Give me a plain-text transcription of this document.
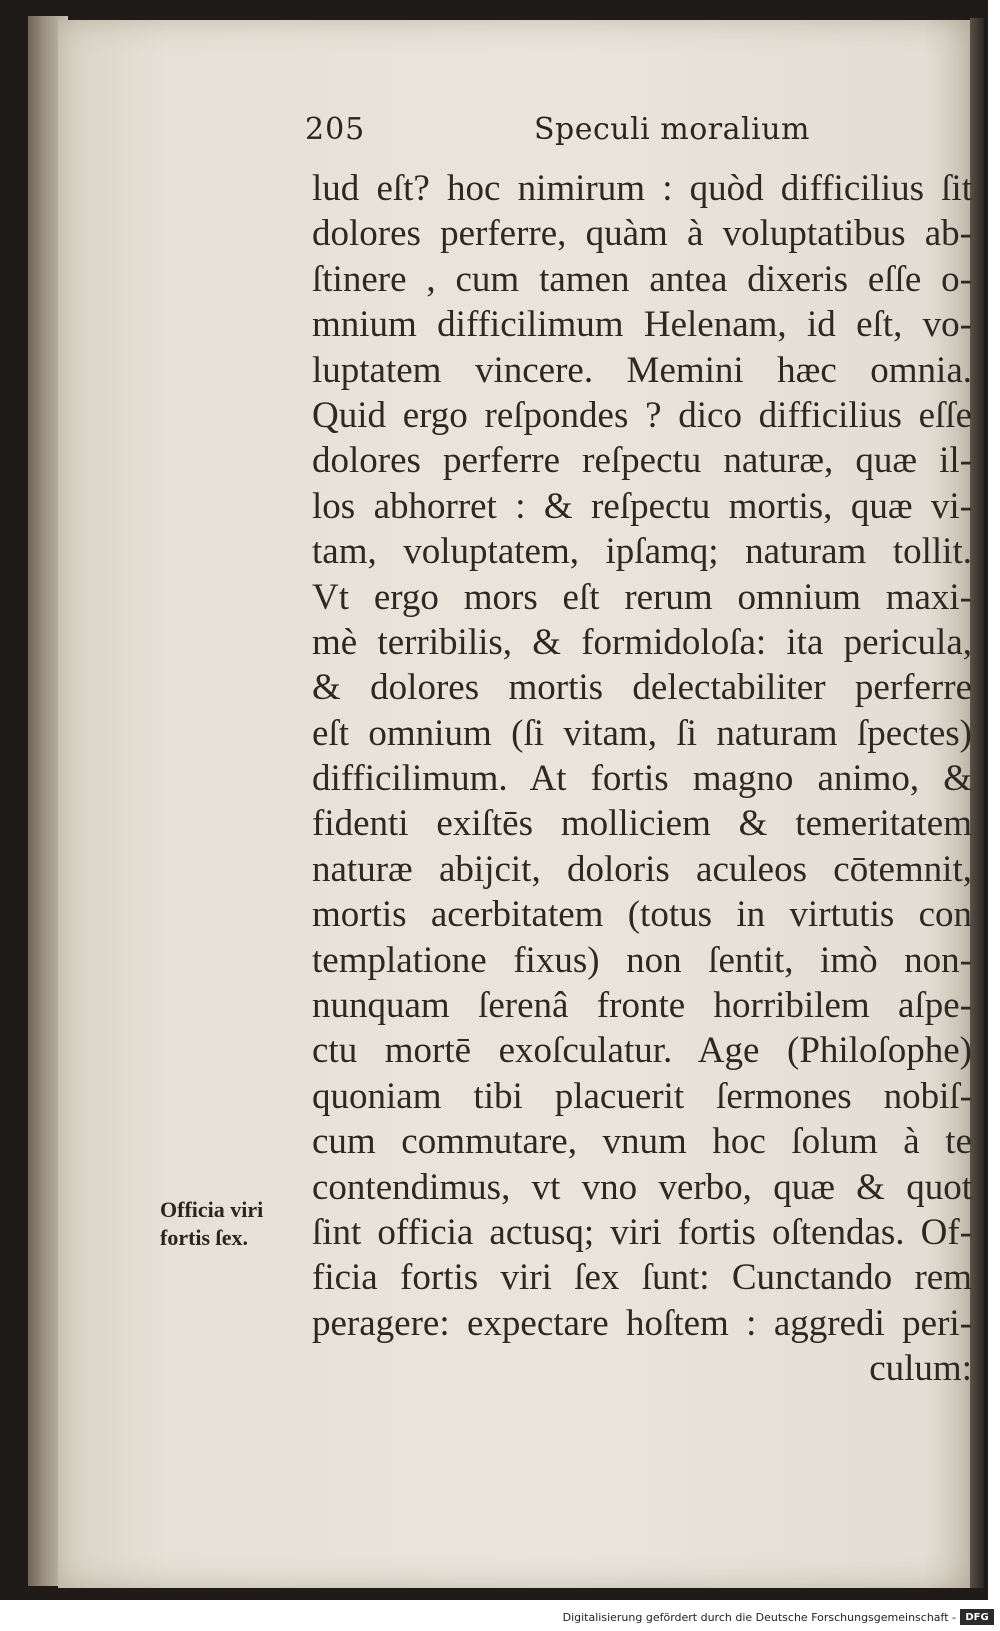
205	Speculi moralium
lud eſt? hoc nimirum : quòd difficilius ſit
dolores perferre, quàm à voluptatibus ab-
ſtinere , cum tamen antea dixeris eſſe o-
mnium difficilimum Helenam, id eſt, vo-
luptatem vincere. Memini hæc omnia.
Quid ergo reſpondes ? dico difficilius eſſe
dolores perferre reſpectu naturæ, quæ il-
los abhorret : & reſpectu mortis, quæ vi-
tam, voluptatem, ipſamq; naturam tollit.
Vt ergo mors eſt rerum omnium maxi-
mè terribilis, & formidoloſa: ita pericula,
& dolores mortis delectabiliter perferre
eſt omnium (ſi vitam, ſi naturam ſpectes)
difficilimum. At fortis magno animo, &
fidenti exiſtēs molliciem & temeritatem
naturæ abijcit, doloris aculeos cōtemnit,
mortis acerbitatem (totus in virtutis con
templatione fixus) non ſentit, imò non-
nunquam ſerenâ fronte horribilem aſpe-
ctu mortē exoſculatur. Age (Philoſophe)
quoniam tibi placuerit ſermones nobiſ-
cum commutare, vnum hoc ſolum à te
contendimus, vt vno verbo, quæ & quot
ſint officia actusq; viri fortis oſtendas. Of-
ficia fortis viri ſex ſunt: Cunctando rem
peragere: expectare hoſtem : aggredi peri-
culum:
Officia viri
fortis ſex.
Digitalisierung gefördert durch die Deutsche Forschungsgemeinschaft - DFG
